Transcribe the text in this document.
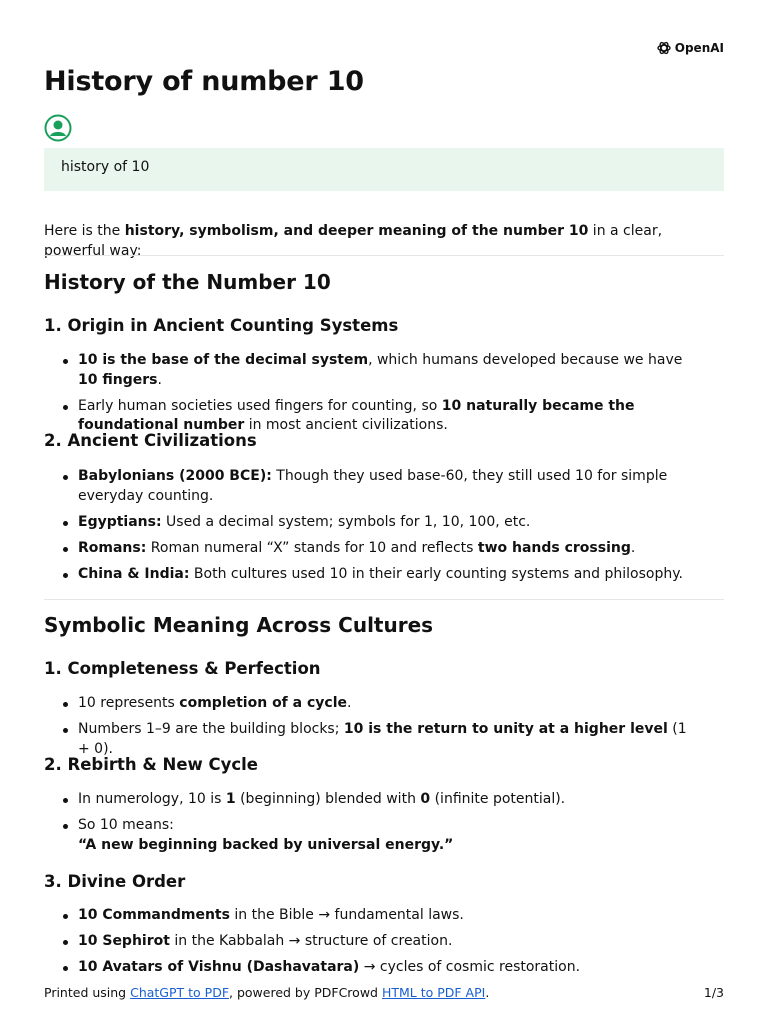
OpenAI
History of number 10
history of 10

Here is the history, symbolism, and deeper meaning of the number 10 in a clear, powerful way:

History of the Number 10
1. Origin in Ancient Counting Systems
10 is the base of the decimal system, which humans developed because we have 10 fingers.
Early human societies used fingers for counting, so 10 naturally became the foundational number in most ancient civilizations.
2. Ancient Civilizations
Babylonians (2000 BCE): Though they used base-60, they still used 10 for simple everyday counting.
Egyptians: Used a decimal system; symbols for 1, 10, 100, etc.
Romans: Roman numeral “X” stands for 10 and reflects two hands crossing.
China & India: Both cultures used 10 in their early counting systems and philosophy.
Symbolic Meaning Across Cultures
1. Completeness & Perfection
10 represents completion of a cycle.
Numbers 1–9 are the building blocks; 10 is the return to unity at a higher level (1 + 0).
2. Rebirth & New Cycle
In numerology, 10 is 1 (beginning) blended with 0 (infinite potential).
So 10 means:
“A new beginning backed by universal energy.”
3. Divine Order
10 Commandments in the Bible → fundamental laws.
10 Sephirot in the Kabbalah → structure of creation.
10 Avatars of Vishnu (Dashavatara) → cycles of cosmic restoration.
Printed using ChatGPT to PDF, powered by PDFCrowd HTML to PDF API.	1/3
